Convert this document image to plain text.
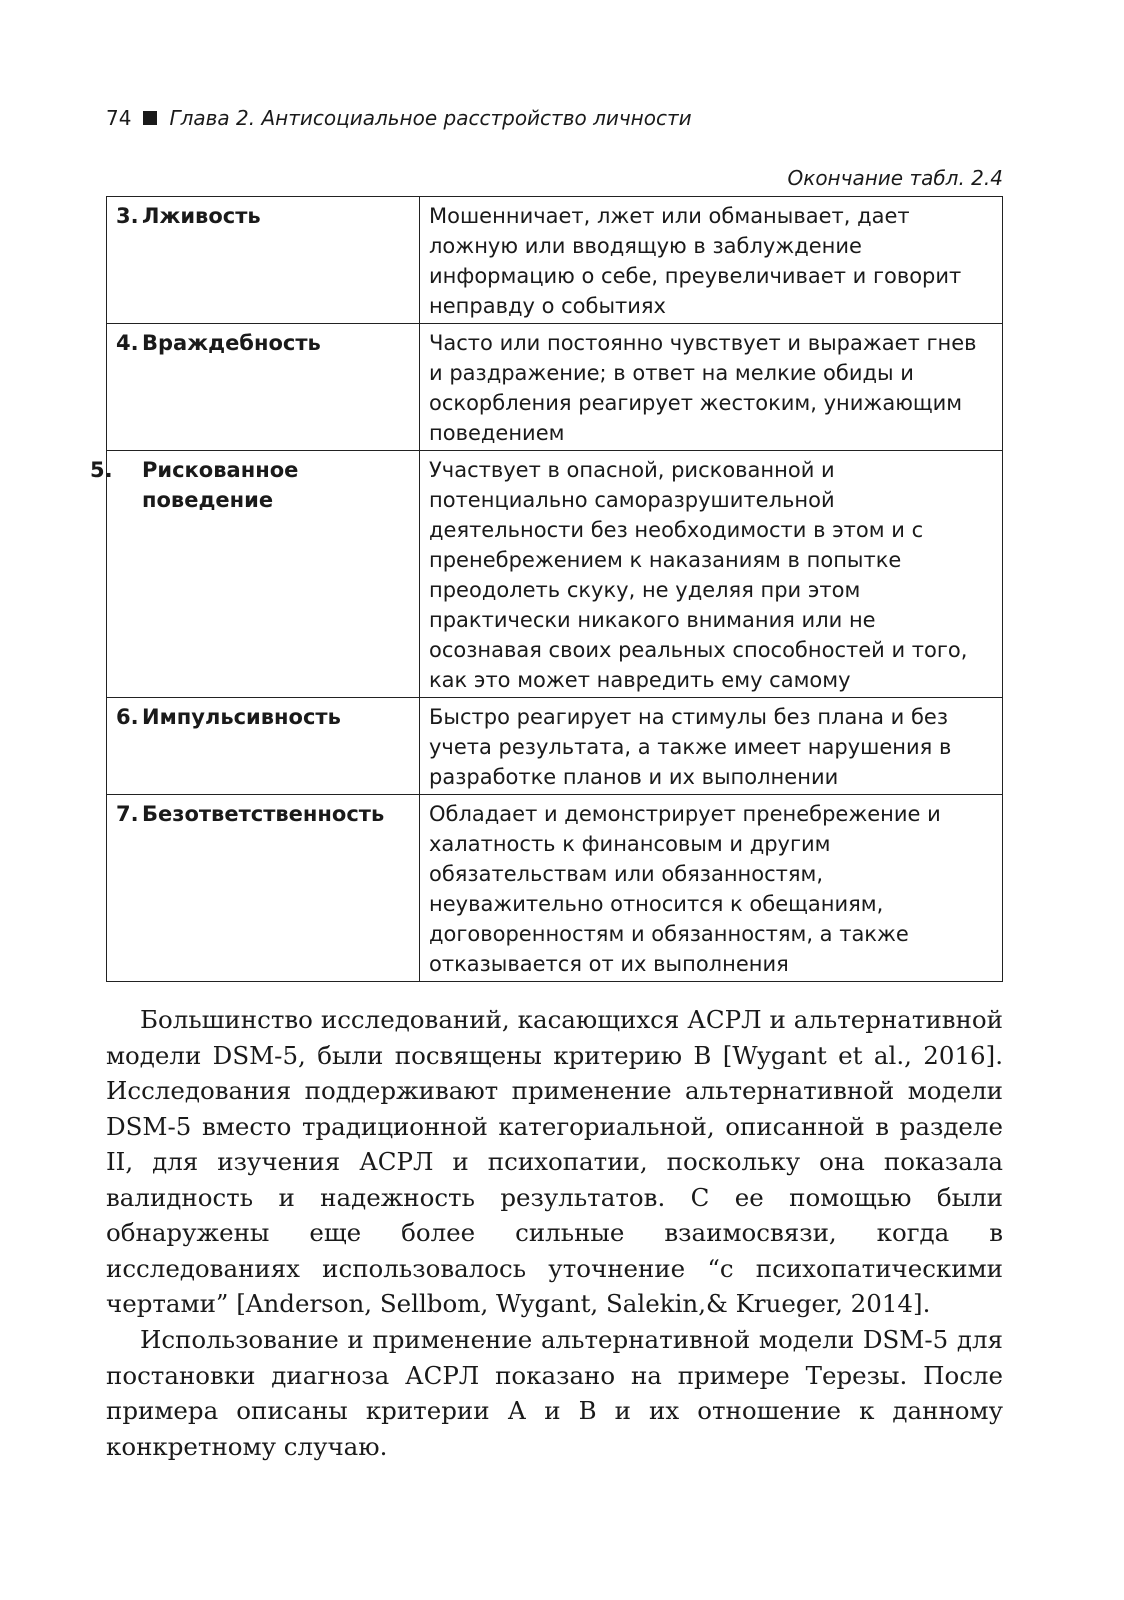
74 Глава 2. Антисоциальное расстройство личности
Окончание табл. 2.4
3. Лживость	Мошенничает, лжет или обманывает, дает ложную или вводящую в заблуждение информацию о себе, преувеличивает и говорит неправду о событиях
4. Враждебность	Часто или постоянно чувствует и выражает гнев и раздражение; в ответ на мелкие обиды и оскорбления реагирует жестоким, унижающим поведением
5. Рискованное поведение	Участвует в опасной, рискованной и потенциально саморазрушительной деятельности без необходимости в этом и с пренебрежением к наказаниям в попытке преодолеть скуку, не уделяя при этом практически никакого внимания или не осознавая своих реальных способностей и того, как это может навредить ему самому
6. Импульсивность	Быстро реагирует на стимулы без плана и без учета результата, а также имеет нарушения в разработке планов и их выполнении
7. Безответственность	Обладает и демонстрирует пренебрежение и халатность к финансовым и другим обязательствам или обязанностям, неуважительно относится к обещаниям, договоренностям и обязанностям, а также отказывается от их выполнения

Большинство исследований, касающихся АСРЛ и альтернативной модели DSM-5, были посвящены критерию В [Wygant et al., 2016]. Исследования поддерживают применение альтернативной модели DSM-5 вместо традиционной категориальной, описанной в разделе II, для изучения АСРЛ и психопатии, поскольку она показала валидность и надежность результатов. С ее помощью были обнаружены еще более сильные взаимосвязи, когда в исследованиях использовалось уточнение “с психопатическими чертами” [Anderson, Sellbom, Wygant, Salekin,& Krueger, 2014].

Использование и применение альтернативной модели DSM-5 для постановки диагноза АСРЛ показано на примере Терезы. После примера описаны критерии А и В и их отношение к данному конкретному случаю.
